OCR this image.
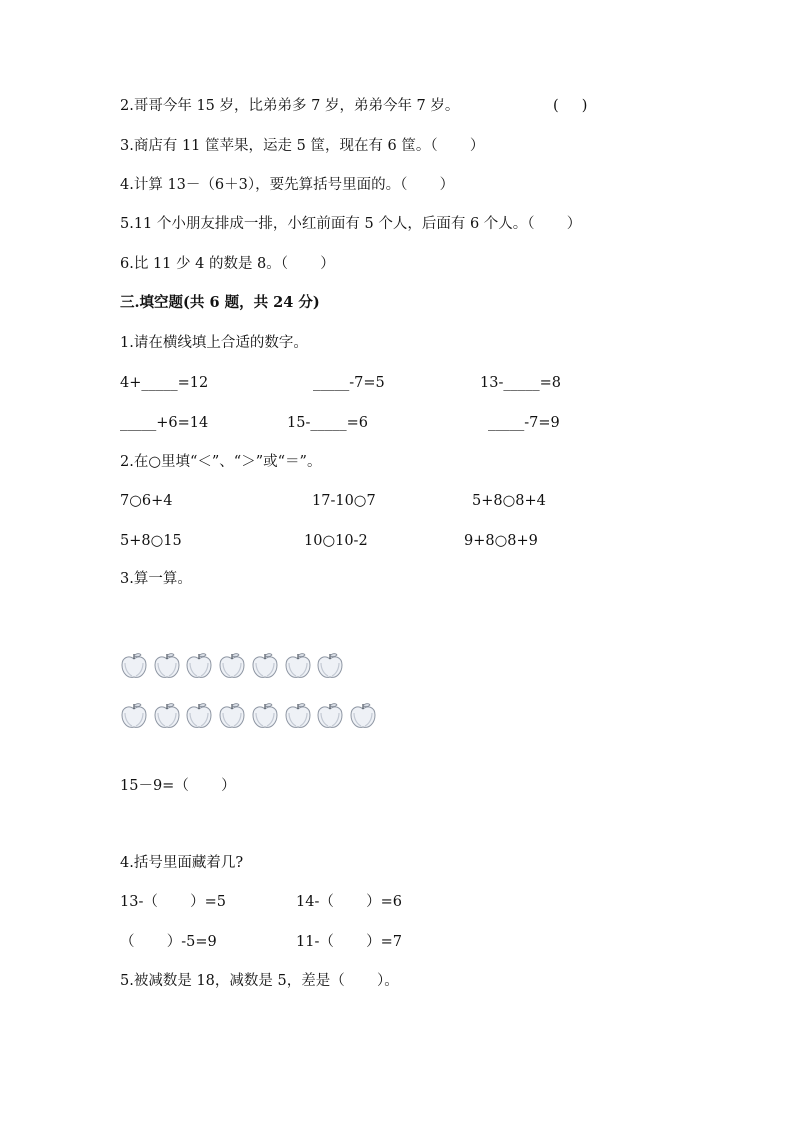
2.哥哥今年 15 岁，比弟弟多 7 岁，弟弟今年 7 岁。	(     )
3.商店有 11 筐苹果，运走 5 筐，现在有 6 筐。（       ）
4.计算 13－（6＋3），要先算括号里面的。（       ）
5.11 个小朋友排成一排，小红前面有 5 个人，后面有 6 个人。（       ）
6.比 11 少 4 的数是 8。（       ）
三.填空题(共 6 题，共 24 分)
1.请在横线填上合适的数字。
4+_____=12	_____-7=5	13-_____=8
_____+6=14	15-_____=6	_____-7=9
2.在○里填“＜”、“＞”或“＝”。
7○6+4	17-10○7	5+8○8+4
5+8○15	10○10-2	9+8○8+9
3.算一算。
15－9=（       ）
4.括号里面藏着几?
13-（       ）=5	14-（       ）=6
（       ）-5=9	11-（       ）=7
5.被减数是 18，减数是 5，差是（       ）。
